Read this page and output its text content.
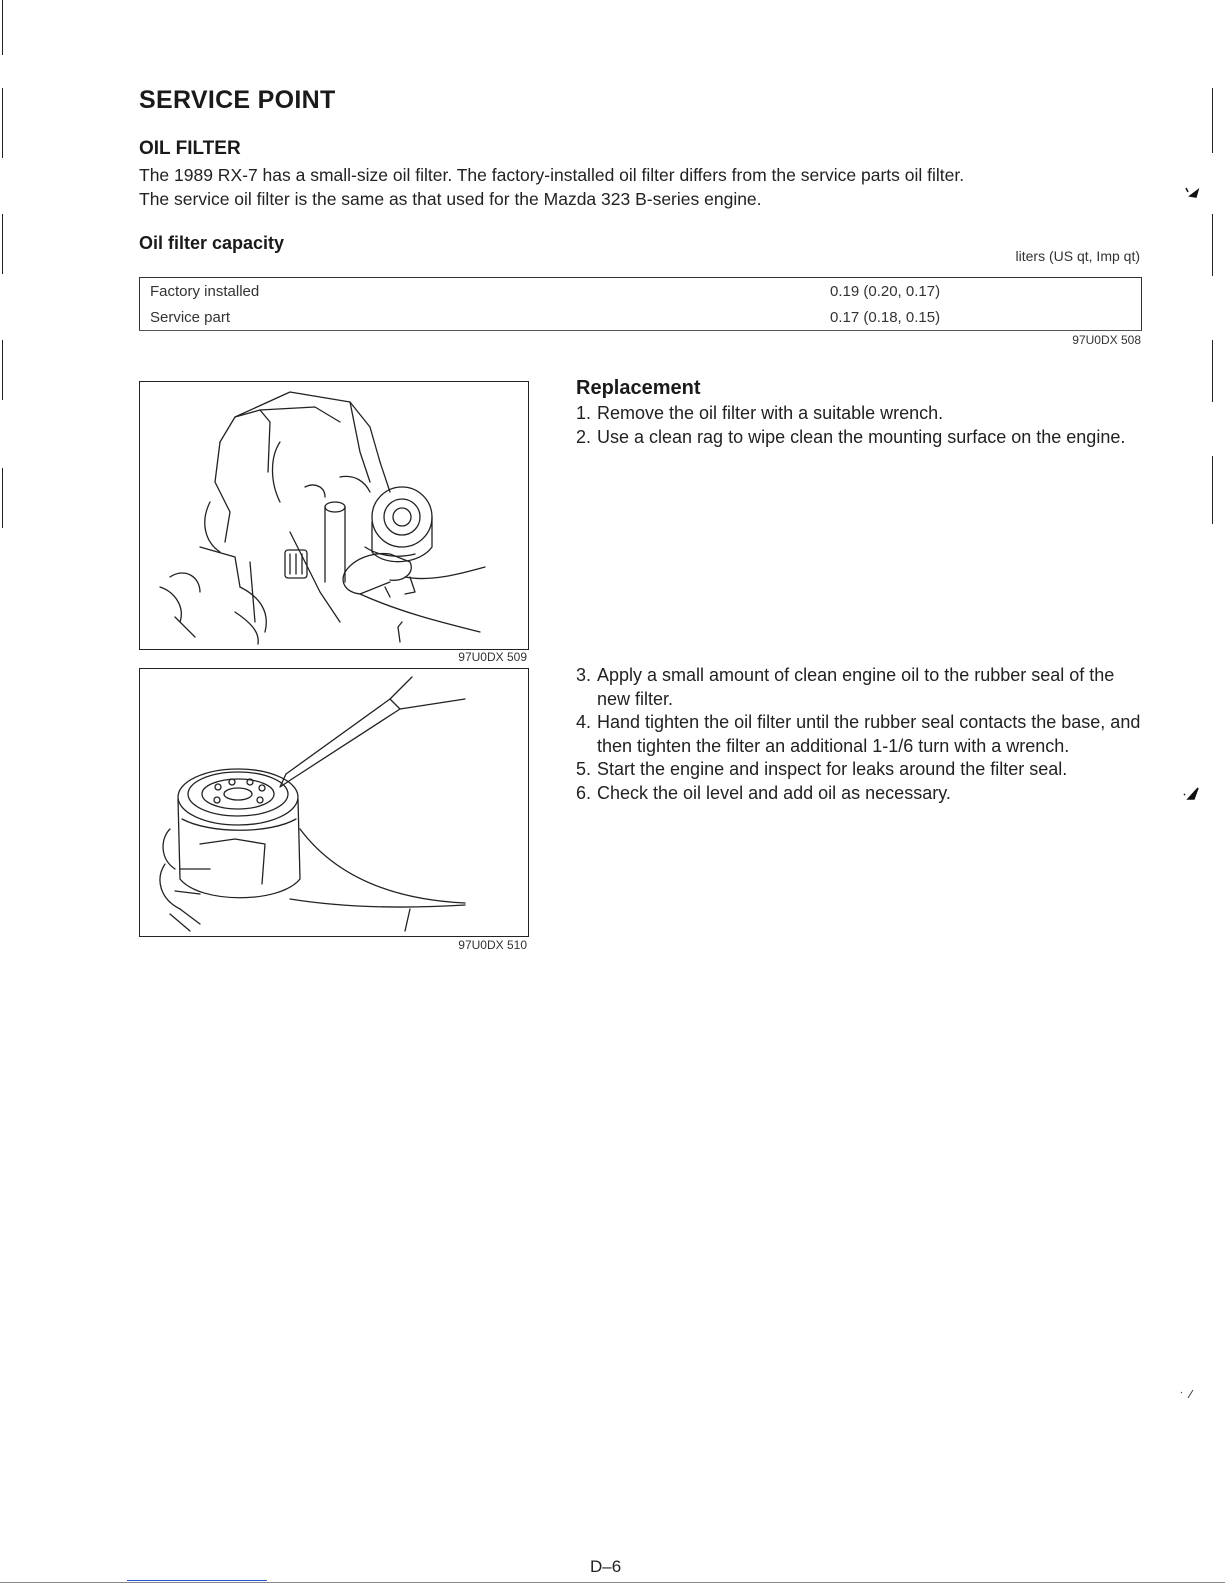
SERVICE POINT
OIL FILTER
The 1989 RX-7 has a small-size oil filter. The factory-installed oil filter differs from the service parts oil filter.
The service oil filter is the same as that used for the Mazda 323 B-series engine.
Oil filter capacity
liters (US qt, Imp qt)
Factory installed	0.19 (0.20, 0.17)	
Service part	0.17 (0.18, 0.15)	
97U0DX 508
97U0DX 509
97U0DX 510
Replacement
1. Remove the oil filter with a suitable wrench.
2. Use a clean rag to wipe clean the mounting surface on the engine.
3. Apply a small amount of clean engine oil to the rubber seal of the new filter.
4. Hand tighten the oil filter until the rubber seal contacts the base, and then tighten the filter an additional 1-1/6 turn with a wrench.
5. Start the engine and inspect for leaks around the filter seal.
6. Check the oil level and add oil as necessary.
D–6
